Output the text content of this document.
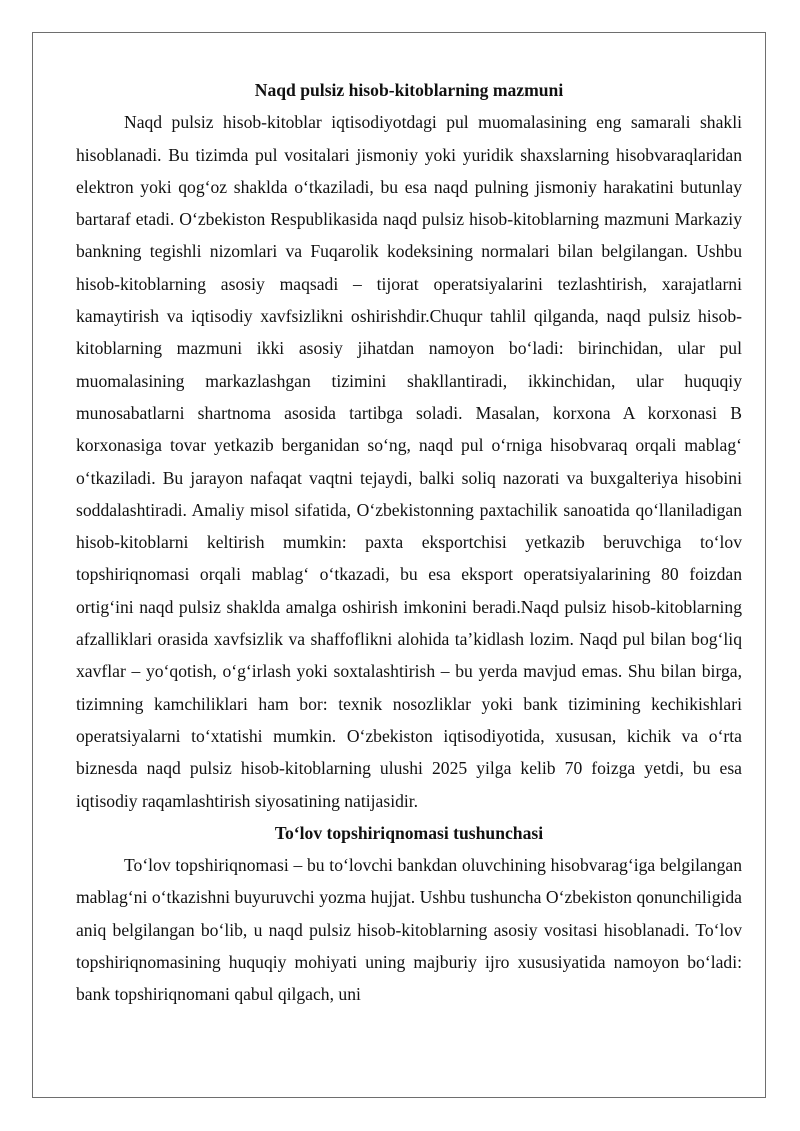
Naqd pulsiz hisob-kitoblarning mazmuni

Naqd pulsiz hisob-kitoblar iqtisodiyotdagi pul muomalasining eng samarali shakli hisoblanadi. Bu tizimda pul vositalari jismoniy yoki yuridik shaxslarning hisobvaraqlaridan elektron yoki qog‘oz shaklda o‘tkaziladi, bu esa naqd pulning jismoniy harakatini butunlay bartaraf etadi. O‘zbekiston Respublikasida naqd pulsiz hisob-kitoblarning mazmuni Markaziy bankning tegishli nizomlari va Fuqarolik kodeksining normalari bilan belgilangan. Ushbu hisob-kitoblarning asosiy maqsadi – tijorat operatsiyalarini tezlashtirish, xarajatlarni kamaytirish va iqtisodiy xavfsizlikni oshirishdir.Chuqur tahlil qilganda, naqd pulsiz hisob-kitoblarning mazmuni ikki asosiy jihatdan namoyon bo‘ladi: birinchidan, ular pul muomalasining markazlashgan tizimini shakllantiradi, ikkinchidan, ular huquqiy munosabatlarni shartnoma asosida tartibga soladi. Masalan, korxona A korxonasi B korxonasiga tovar yetkazib berganidan so‘ng, naqd pul o‘rniga hisobvaraq orqali mablag‘ o‘tkaziladi. Bu jarayon nafaqat vaqtni tejaydi, balki soliq nazorati va buxgalteriya hisobini soddalashtiradi. Amaliy misol sifatida, O‘zbekistonning paxtachilik sanoatida qo‘llaniladigan hisob-kitoblarni keltirish mumkin: paxta eksportchisi yetkazib beruvchiga to‘lov topshiriqnomasi orqali mablag‘ o‘tkazadi, bu esa eksport operatsiyalarining 80 foizdan ortig‘ini naqd pulsiz shaklda amalga oshirish imkonini beradi.Naqd pulsiz hisob-kitoblarning afzalliklari orasida xavfsizlik va shaffoflikni alohida ta’kidlash lozim. Naqd pul bilan bog‘liq xavflar – yo‘qotish, o‘g‘irlash yoki soxtalashtirish – bu yerda mavjud emas. Shu bilan birga, tizimning kamchiliklari ham bor: texnik nosozliklar yoki bank tizimining kechikishlari operatsiyalarni to‘xtatishi mumkin. O‘zbekiston iqtisodiyotida, xususan, kichik va o‘rta biznesda naqd pulsiz hisob-kitoblarning ulushi 2025 yilga kelib 70 foizga yetdi, bu esa iqtisodiy raqamlashtirish siyosatining natijasidir.

To‘lov topshiriqnomasi tushunchasi

To‘lov topshiriqnomasi – bu to‘lovchi bankdan oluvchining hisobvarag‘iga belgilangan mablag‘ni o‘tkazishni buyuruvchi yozma hujjat. Ushbu tushuncha O‘zbekiston qonunchiligida aniq belgilangan bo‘lib, u naqd pulsiz hisob-kitoblarning asosiy vositasi hisoblanadi. To‘lov topshiriqnomasining huquqiy mohiyati uning majburiy ijro xususiyatida namoyon bo‘ladi: bank topshiriqnomani qabul qilgach, uni
